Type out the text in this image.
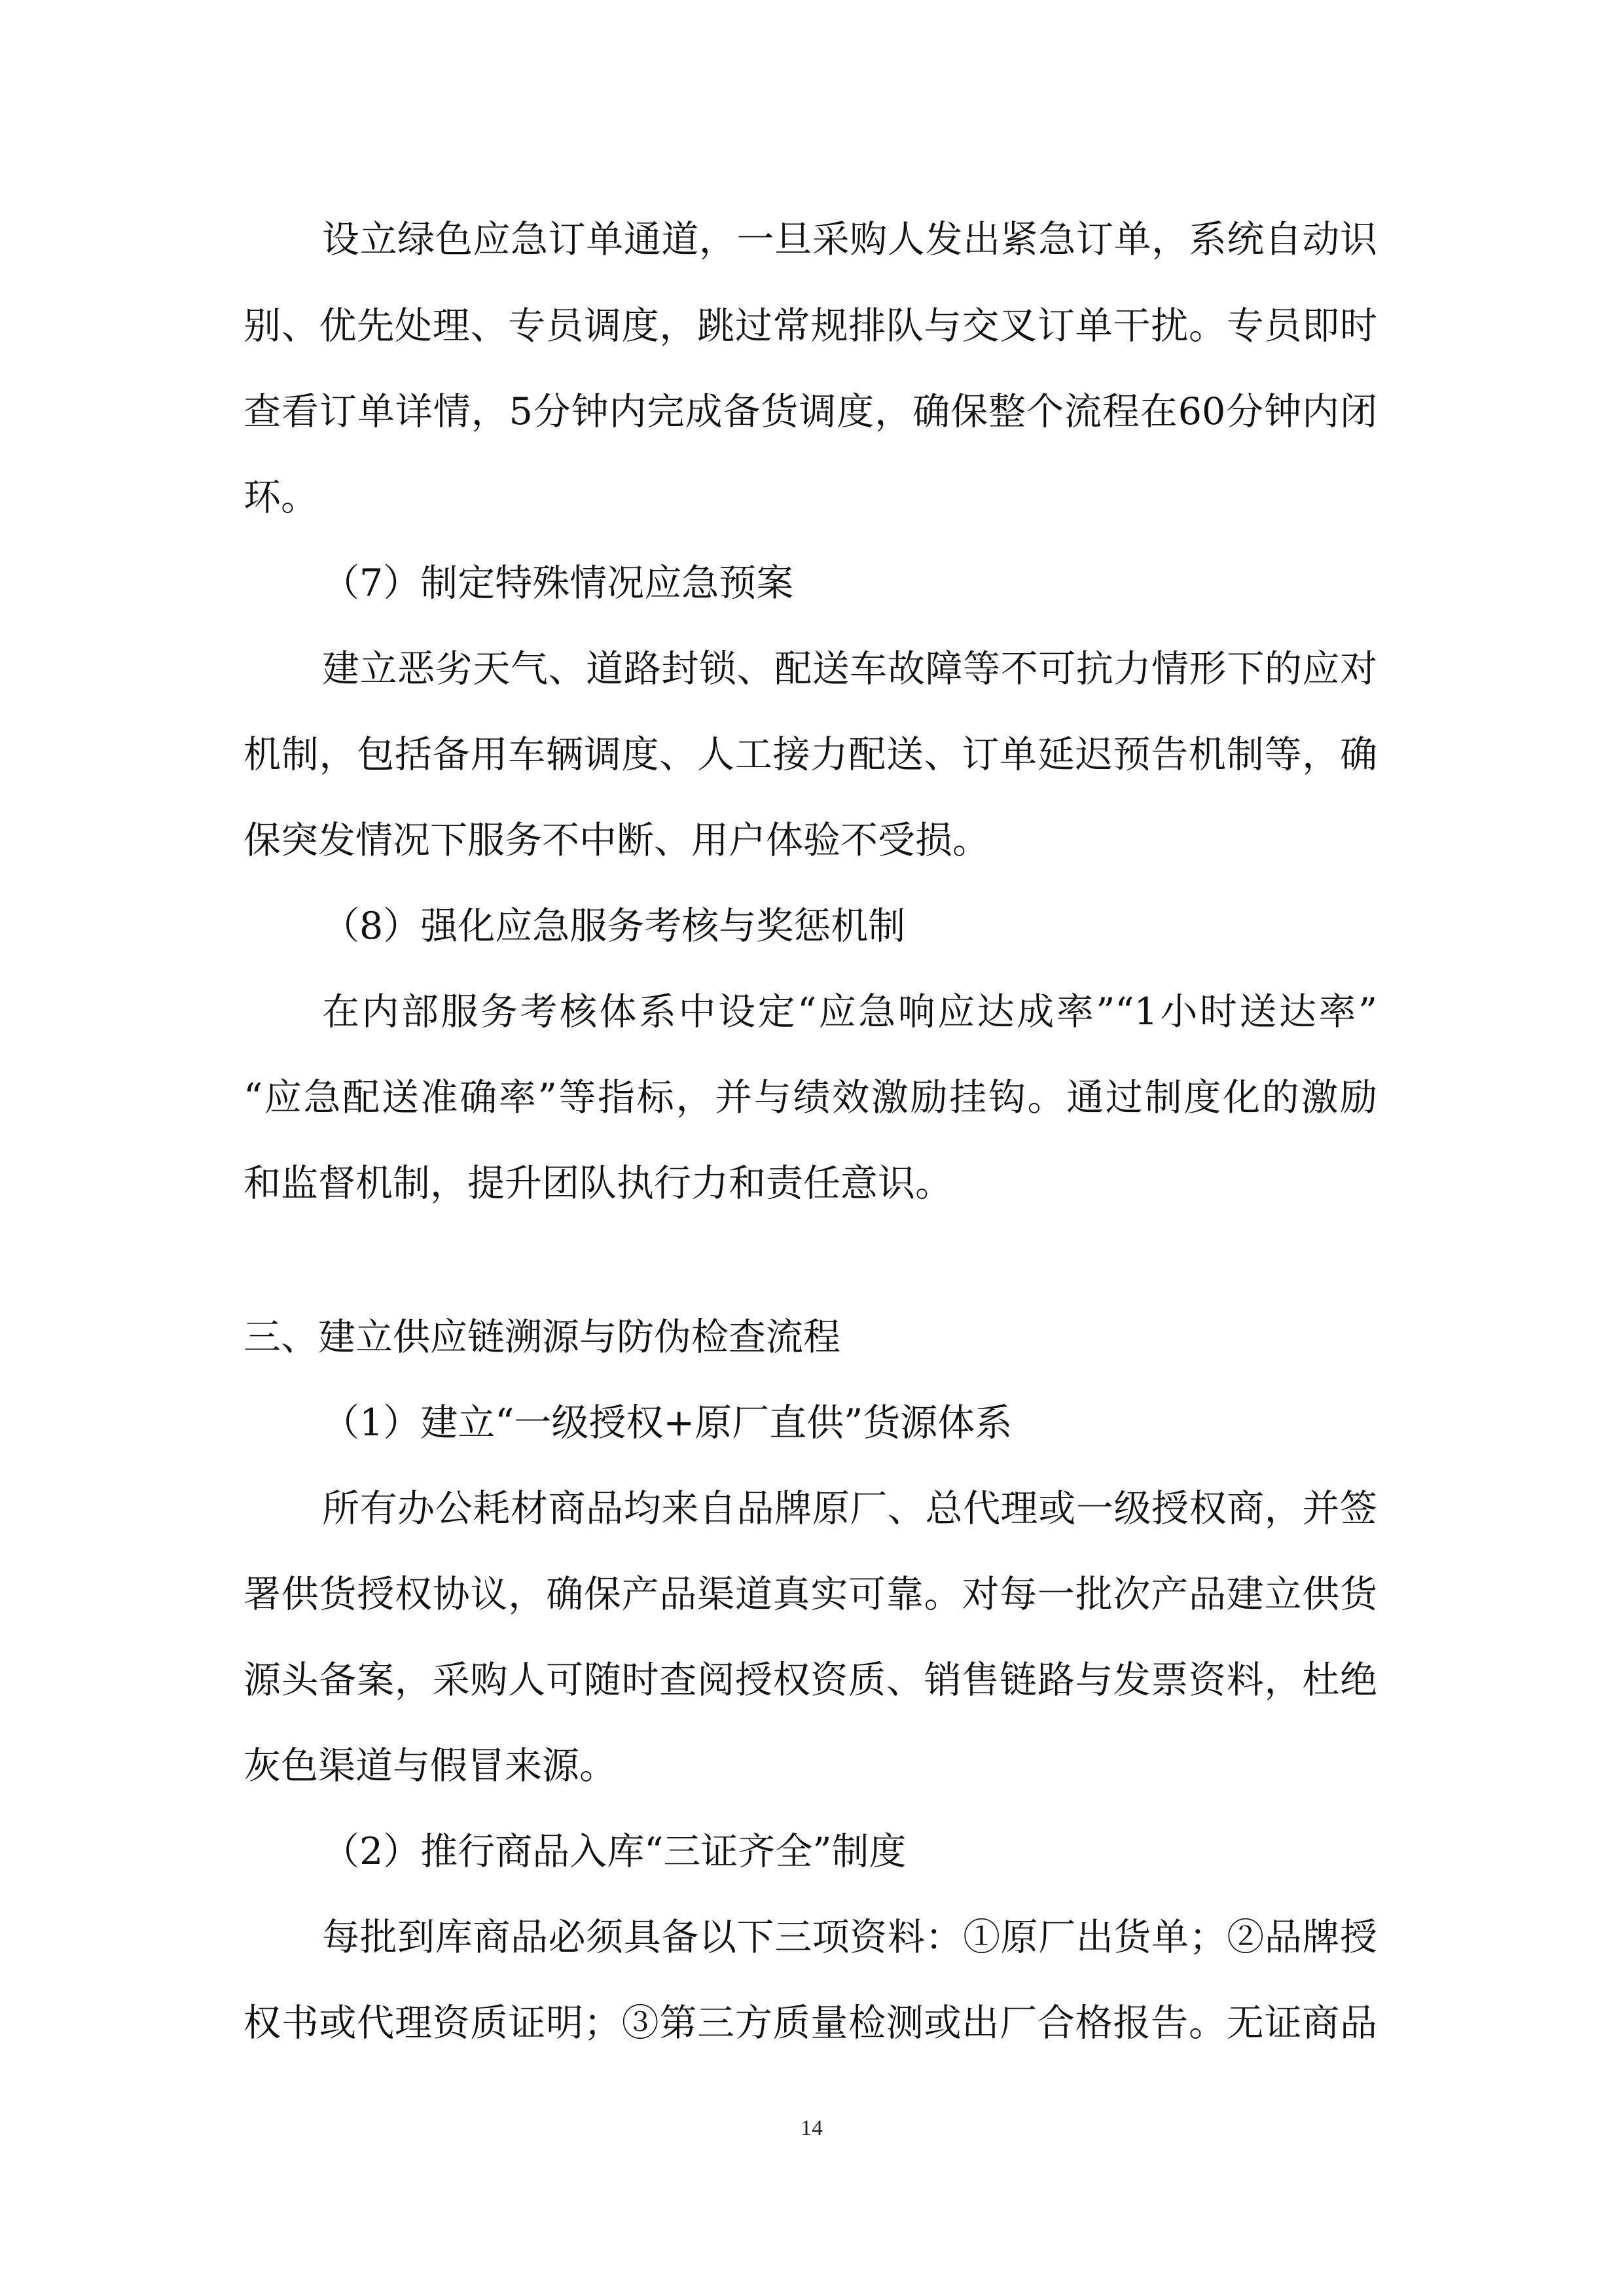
设立绿色应急订单通道，一旦采购人发出紧急订单，系统自动识
别、优先处理、专员调度，跳过常规排队与交叉订单干扰。专员即时
查看订单详情，5分钟内完成备货调度，确保整个流程在60分钟内闭
环。
（7）制定特殊情况应急预案
建立恶劣天气、道路封锁、配送车故障等不可抗力情形下的应对
机制，包括备用车辆调度、人工接力配送、订单延迟预告机制等，确
保突发情况下服务不中断、用户体验不受损。
（8）强化应急服务考核与奖惩机制
在内部服务考核体系中设定“应急响应达成率”“1小时送达率”
“应急配送准确率”等指标，并与绩效激励挂钩。通过制度化的激励
和监督机制，提升团队执行力和责任意识。
三、建立供应链溯源与防伪检查流程
（1）建立“一级授权+原厂直供”货源体系
所有办公耗材商品均来自品牌原厂、总代理或一级授权商，并签
署供货授权协议，确保产品渠道真实可靠。对每一批次产品建立供货
源头备案，采购人可随时查阅授权资质、销售链路与发票资料，杜绝
灰色渠道与假冒来源。
（2）推行商品入库“三证齐全”制度
每批到库商品必须具备以下三项资料：①原厂出货单；②品牌授
权书或代理资质证明；③第三方质量检测或出厂合格报告。无证商品
14
